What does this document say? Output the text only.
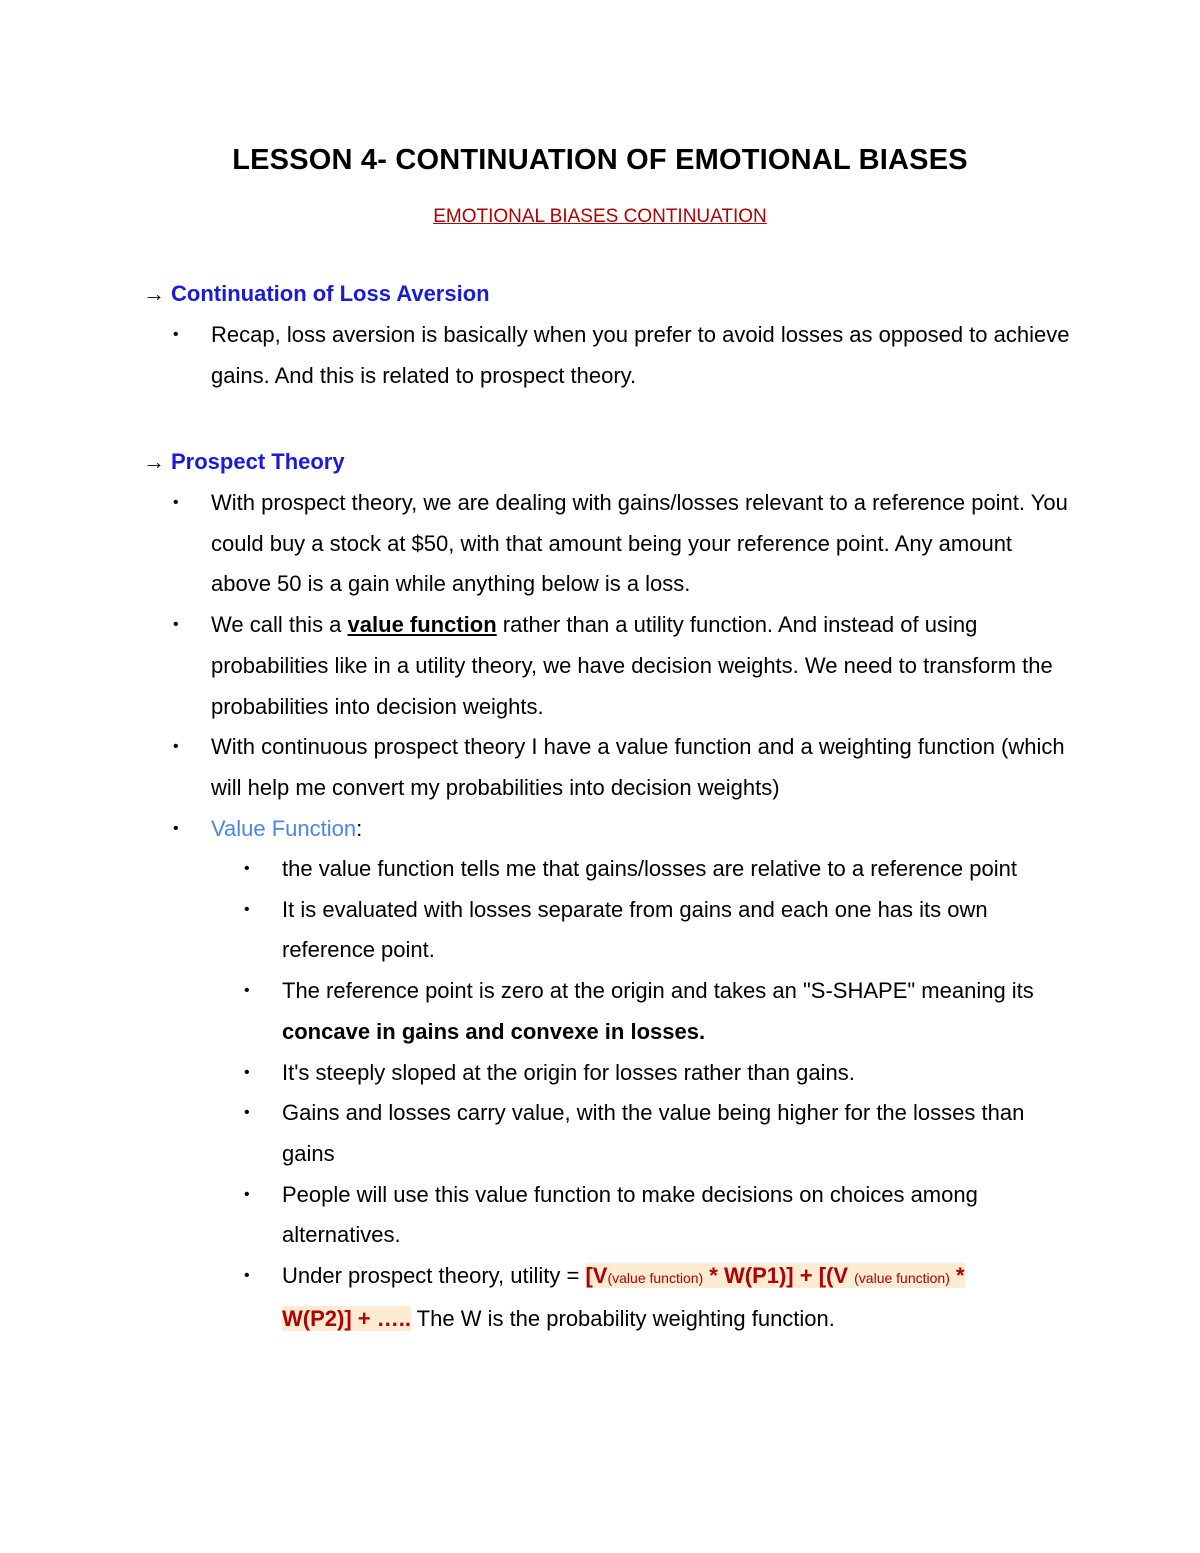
LESSON 4- CONTINUATION OF EMOTIONAL BIASES

EMOTIONAL BIASES CONTINUATION

→ Continuation of Loss Aversion

• Recap, loss aversion is basically when you prefer to avoid losses as opposed to achieve gains. And this is related to prospect theory.

→ Prospect Theory

• With prospect theory, we are dealing with gains/losses relevant to a reference point. You could buy a stock at $50, with that amount being your reference point. Any amount above 50 is a gain while anything below is a loss.
• We call this a value function rather than a utility function. And instead of using probabilities like in a utility theory, we have decision weights. We need to transform the probabilities into decision weights.
• With continuous prospect theory I have a value function and a weighting function (which will help me convert my probabilities into decision weights)
• Value Function:
• the value function tells me that gains/losses are relative to a reference point
• It is evaluated with losses separate from gains and each one has its own reference point.
• The reference point is zero at the origin and takes an "S-SHAPE" meaning its concave in gains and convexe in losses.
• It's steeply sloped at the origin for losses rather than gains.
• Gains and losses carry value, with the value being higher for the losses than gains
• People will use this value function to make decisions on choices among alternatives.
• Under prospect theory, utility = [V(value function) * W(P1)] + [(V (value function) *
W(P2)] + ….. The W is the probability weighting function.
